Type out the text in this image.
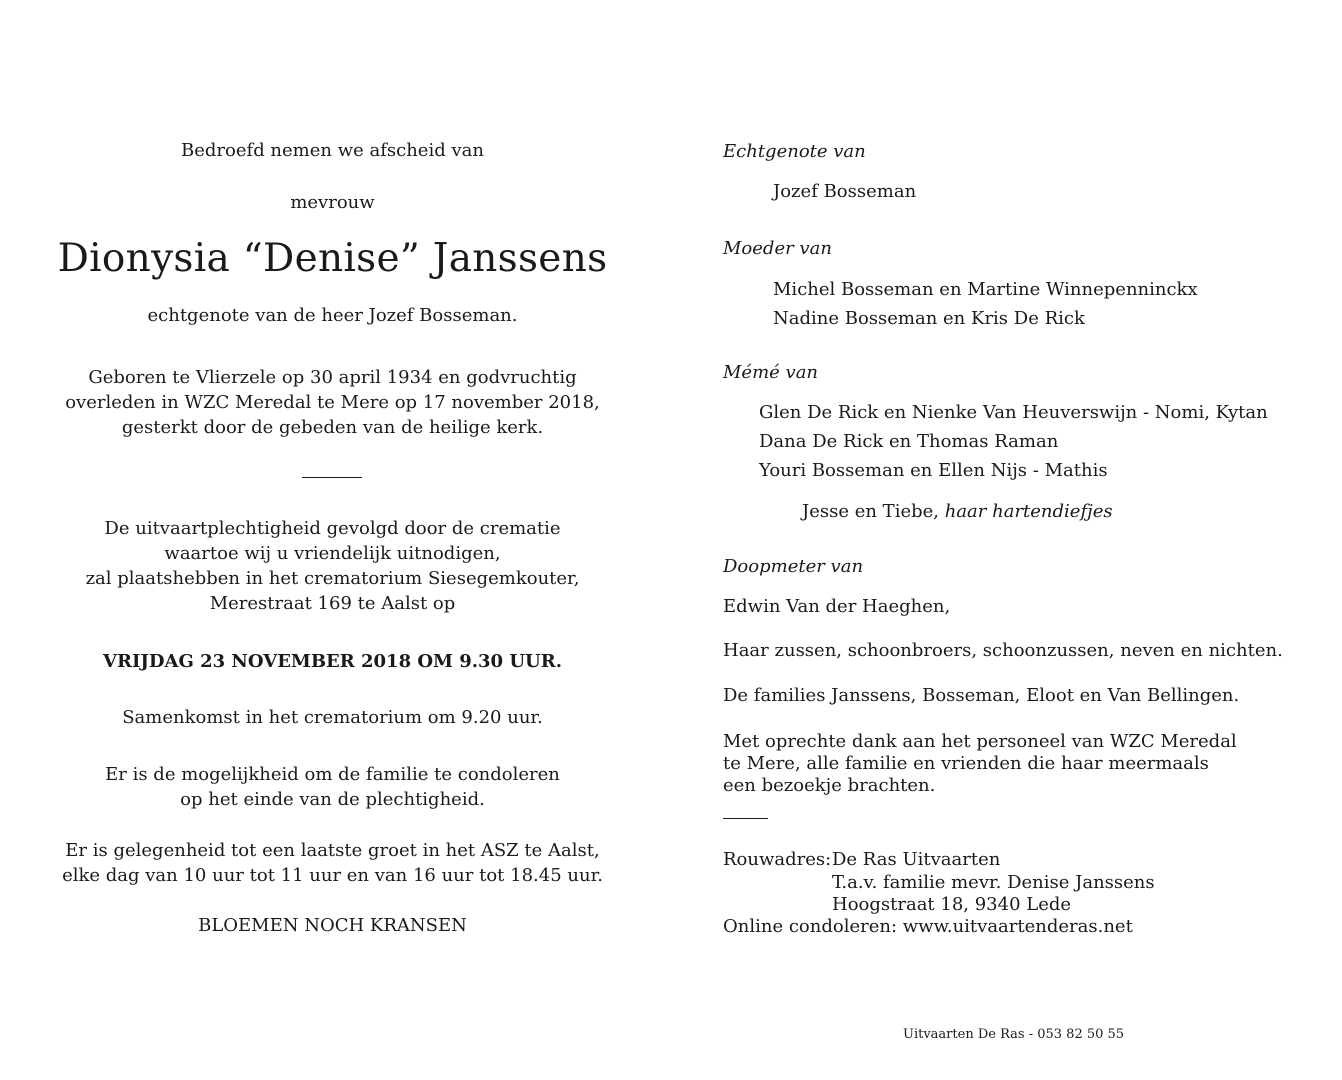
Bedroefd nemen we afscheid van
mevrouw
Dionysia “Denise” Janssens
echtgenote van de heer Jozef Bosseman.
Geboren te Vlierzele op 30 april 1934 en godvruchtig
overleden in WZC Meredal te Mere op 17 november 2018,
gesterkt door de gebeden van de heilige kerk.
De uitvaartplechtigheid gevolgd door de crematie
waartoe wij u vriendelijk uitnodigen,
zal plaatshebben in het crematorium Siesegemkouter,
Merestraat 169 te Aalst op
VRIJDAG 23 NOVEMBER 2018 OM 9.30 UUR.
Samenkomst in het crematorium om 9.20 uur.
Er is de mogelijkheid om de familie te condoleren
op het einde van de plechtigheid.
Er is gelegenheid tot een laatste groet in het ASZ te Aalst,
elke dag van 10 uur tot 11 uur en van 16 uur tot 18.45 uur.
BLOEMEN NOCH KRANSEN
Echtgenote van
Jozef Bosseman
Moeder van
Michel Bosseman en Martine Winnepenninckx
Nadine Bosseman en Kris De Rick
Mémé van
Glen De Rick en Nienke Van Heuverswijn - Nomi, Kytan
Dana De Rick en Thomas Raman
Youri Bosseman en Ellen Nijs - Mathis
Jesse en Tiebe, haar hartendiefjes
Doopmeter van
Edwin Van der Haeghen,
Haar zussen, schoonbroers, schoonzussen, neven en nichten.
De families Janssens, Bosseman, Eloot en Van Bellingen.
Met oprechte dank aan het personeel van WZC Meredal
te Mere, alle familie en vrienden die haar meermaals
een bezoekje brachten.
Rouwadres: De Ras Uitvaarten
T.a.v. familie mevr. Denise Janssens
Hoogstraat 18, 9340 Lede
Online condoleren: www.uitvaartenderas.net
Uitvaarten De Ras - 053 82 50 55
